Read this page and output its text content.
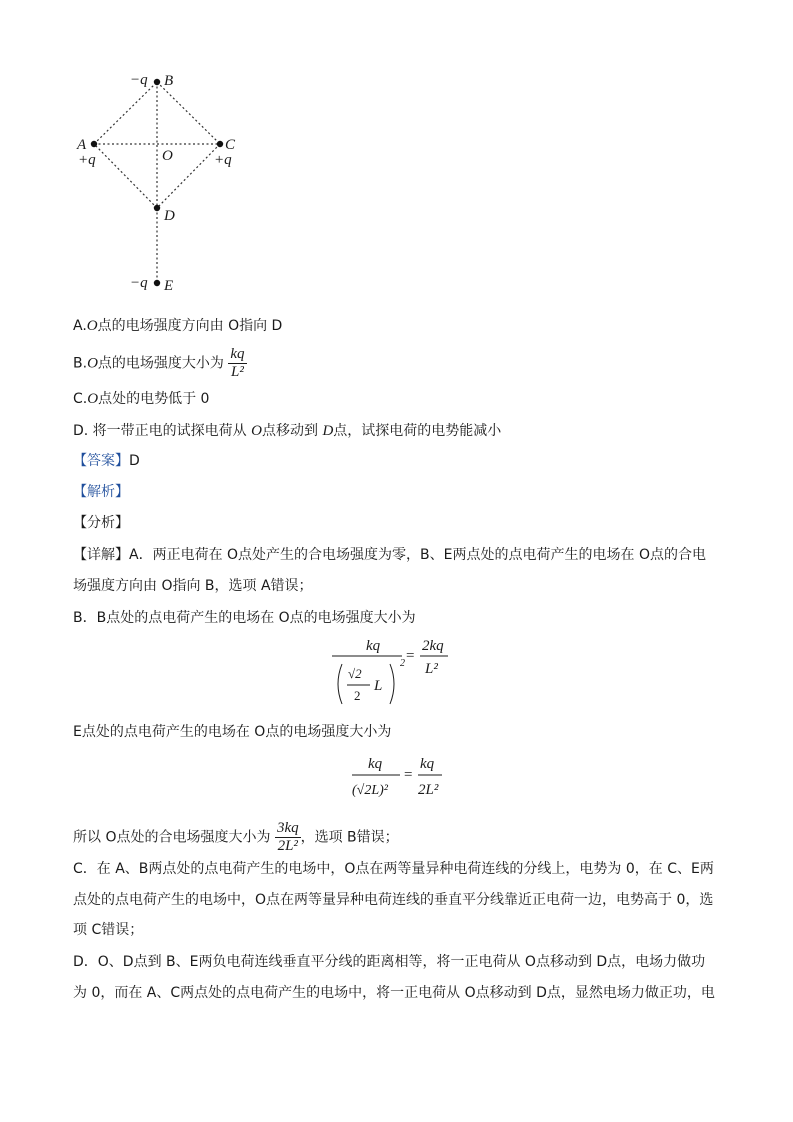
−q B
A
+q	O
C
+q
D
−q E
A.O点的电场强度方向由 O指向 D
B.O点的电场强度大小为 $\frac{kq}{\text{L²}}$
C.O点处的电势低于 0
D. 将一带正电的试探电荷从 O点移动到 D点，试探电荷的电势能减小
【答案】D
【解析】
【分析】
【详解】A．两正电荷在 O点处产生的合电场强度为零，B、E两点处的点电荷产生的电场在 O点的合电
场强度方向由 O指向 B，选项 A错误；
B．B点处的点电荷产生的电场在 O点的电场强度大小为
kq
2
√2
2
L
=
2kq
L²
E点处的点电荷产生的电场在 O点的电场强度大小为
kq
(√2L)²
=
kq
2L²
所以 O点处的合电场强度大小为 $\frac{3kq}{\text{2L²}}$ ，选项 B错误；
C．在 A、B两点处的点电荷产生的电场中，O点在两等量异种电荷连线的分线上，电势为 0，在 C、E两
点处的点电荷产生的电场中，O点在两等量异种电荷连线的垂直平分线靠近正电荷一边，电势高于 0，选
项 C错误；
D．O、D点到 B、E两负电荷连线垂直平分线的距离相等，将一正电荷从 O点移动到 D点，电场力做功
为 0，而在 A、C两点处的点电荷产生的电场中，将一正电荷从 O点移动到 D点，显然电场力做正功，电
